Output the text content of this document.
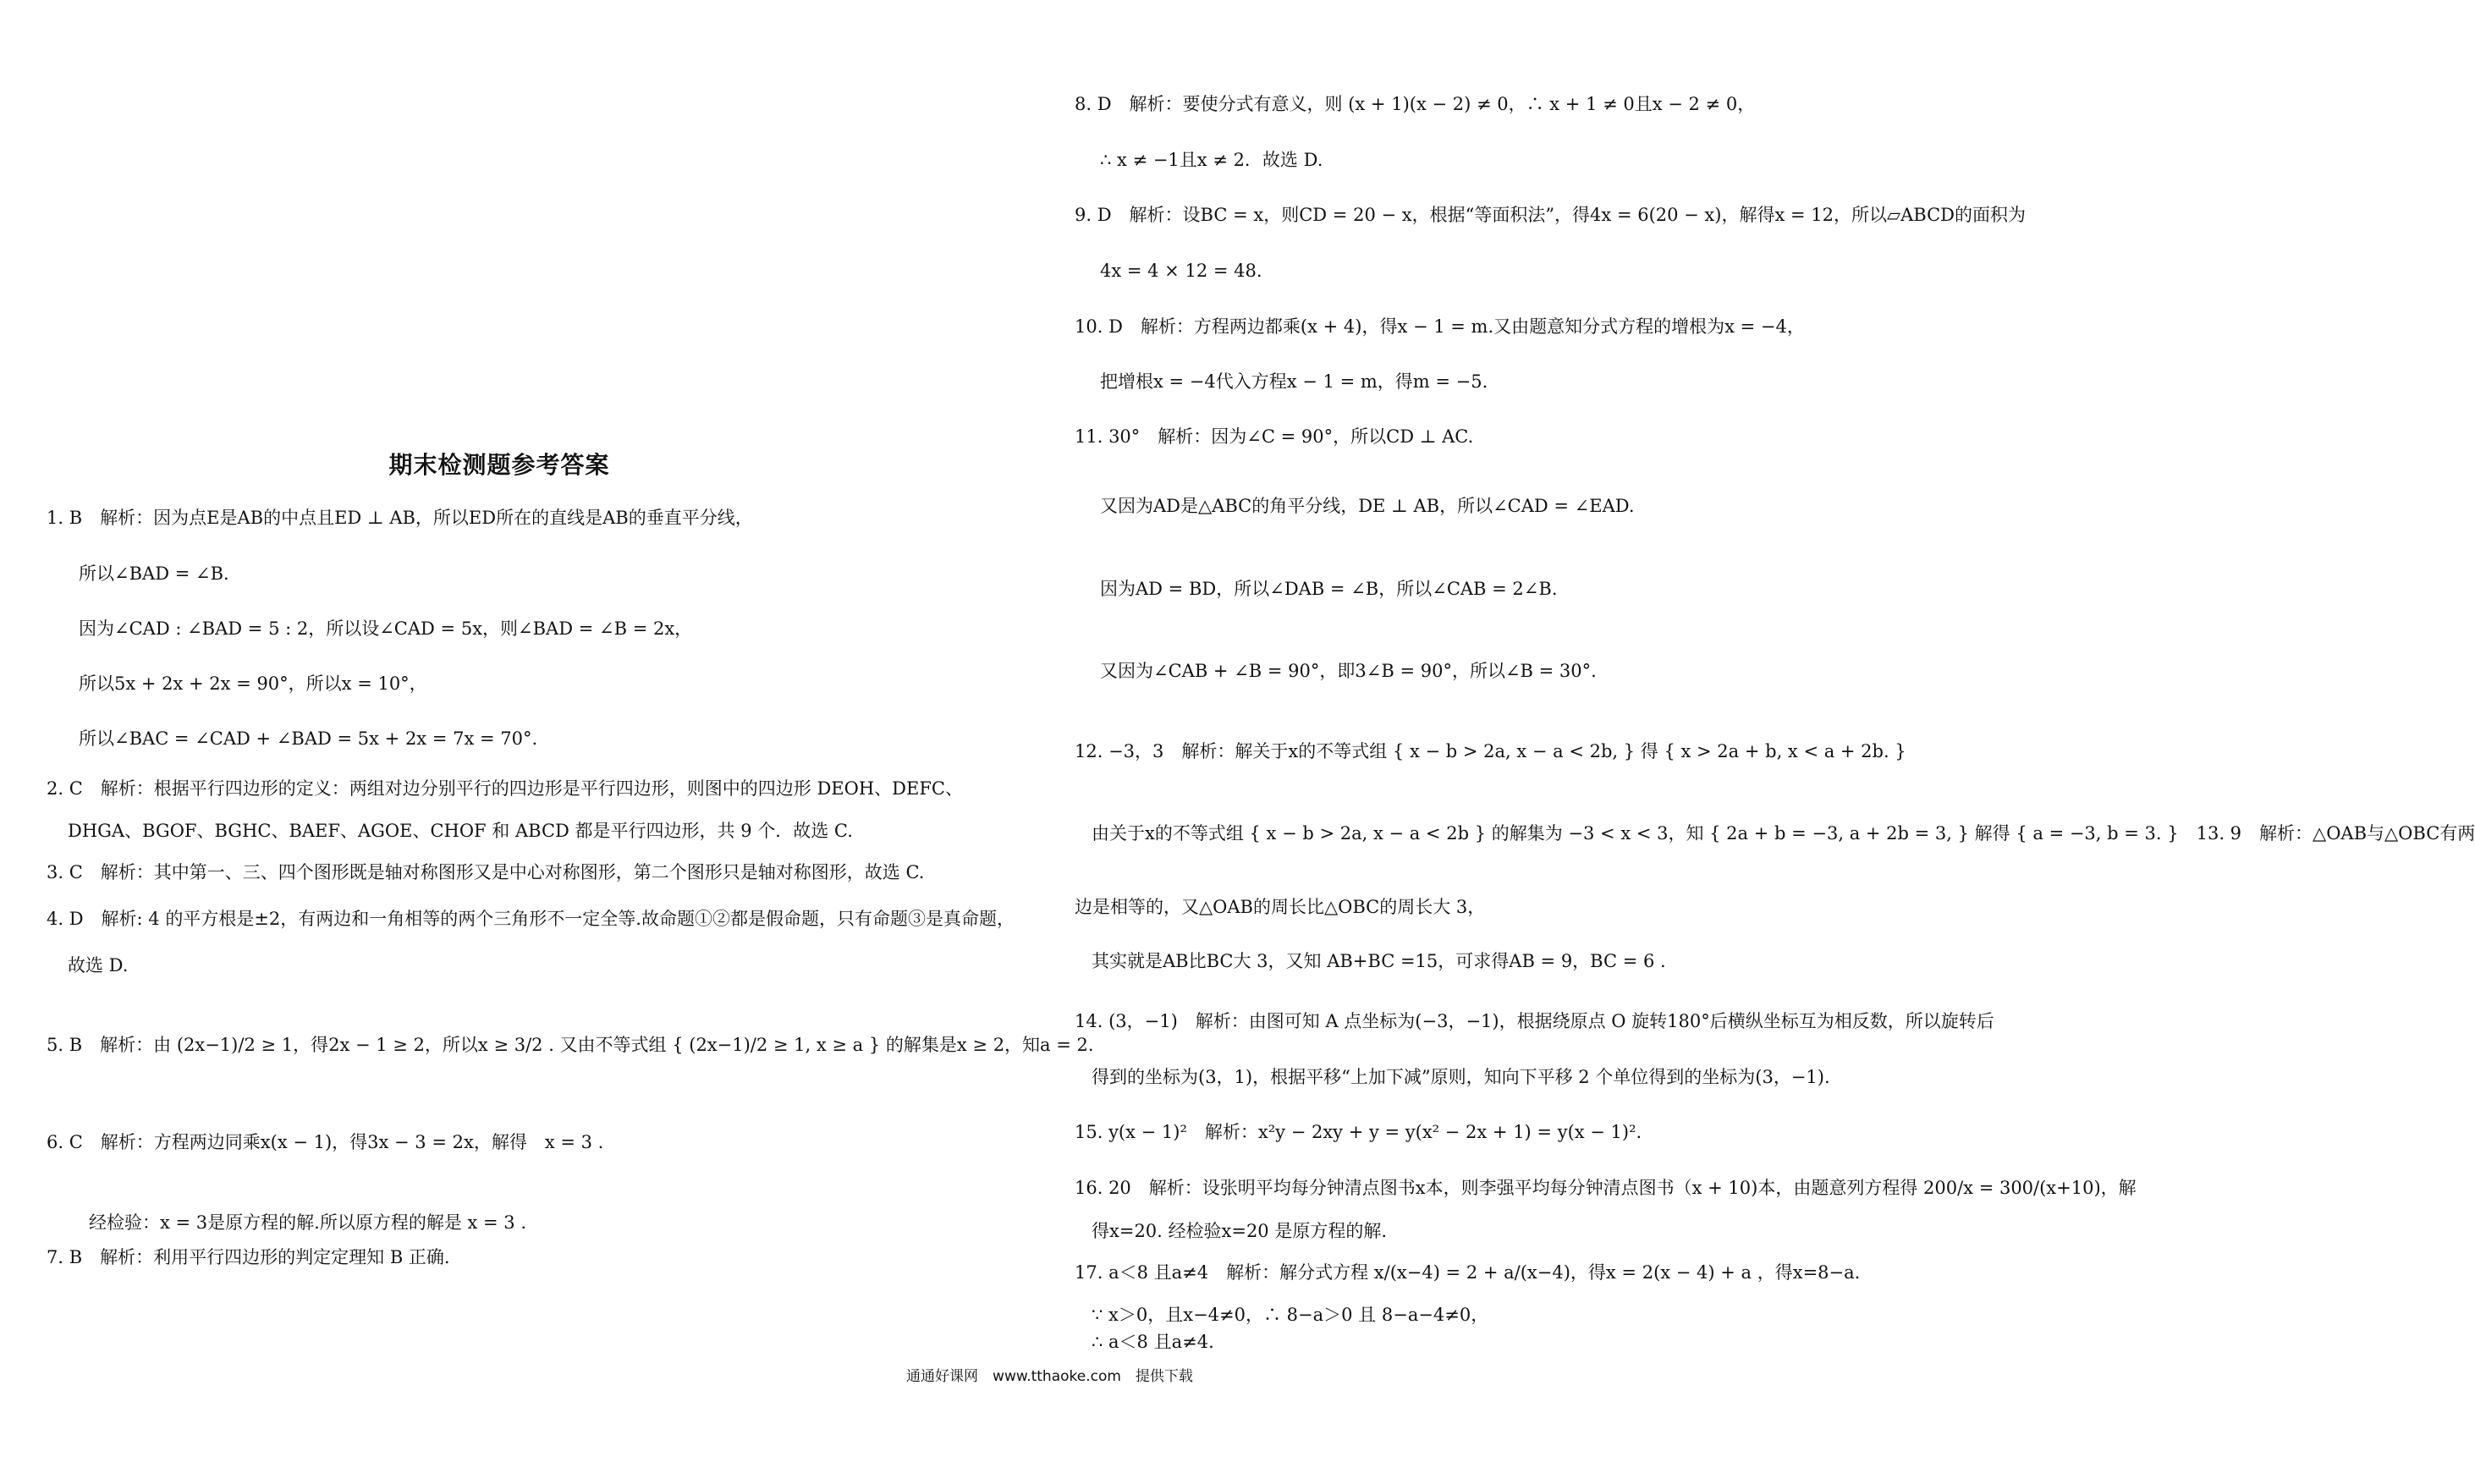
期末检测题参考答案
1. B　解析：因为点E是AB的中点且ED ⊥ AB，所以ED所在的直线是AB的垂直平分线，
所以∠BAD = ∠B.
因为∠CAD : ∠BAD = 5 : 2，所以设∠CAD = 5x，则∠BAD = ∠B = 2x，
所以5x + 2x + 2x = 90°，所以x = 10°，
所以∠BAC = ∠CAD + ∠BAD = 5x + 2x = 7x = 70°.
2. C　解析：根据平行四边形的定义：两组对边分别平行的四边形是平行四边形，则图中的四边形 DEOH、DEFC、
DHGA、BGOF、BGHC、BAEF、AGOE、CHOF 和 ABCD 都是平行四边形，共 9 个．故选 C.
3. C　解析：其中第一、三、四个图形既是轴对称图形又是中心对称图形，第二个图形只是轴对称图形，故选 C.
4. D　解析: 4 的平方根是±2，有两边和一角相等的两个三角形不一定全等.故命题①②都是假命题，只有命题③是真命题，
故选 D.
5. B　解析：由 (2x−1)/2 ≥ 1，得2x − 1 ≥ 2，所以x ≥ 3/2 . 又由不等式组 { (2x−1)/2 ≥ 1, x ≥ a } 的解集是x ≥ 2，知a = 2.
6. C　解析：方程两边同乘x(x − 1)，得3x − 3 = 2x，解得　x = 3 .
经检验：x = 3是原方程的解.所以原方程的解是 x = 3 .
7. B　解析：利用平行四边形的判定定理知 B 正确.
8. D　解析：要使分式有意义，则 (x + 1)(x − 2) ≠ 0，∴ x + 1 ≠ 0且x − 2 ≠ 0，
∴ x ≠ −1且x ≠ 2．故选 D.
9. D　解析：设BC = x，则CD = 20 − x，根据“等面积法”，得4x = 6(20 − x)，解得x = 12，所以▱ABCD的面积为
4x = 4 × 12 = 48.
10. D　解析：方程两边都乘(x + 4)，得x − 1 = m.又由题意知分式方程的增根为x = −4，
把增根x = −4代入方程x − 1 = m，得m = −5.
11. 30°　解析：因为∠C = 90°，所以CD ⊥ AC.
又因为AD是△ABC的角平分线，DE ⊥ AB，所以∠CAD = ∠EAD.
因为AD = BD，所以∠DAB = ∠B，所以∠CAB = 2∠B.
又因为∠CAB + ∠B = 90°，即3∠B = 90°，所以∠B = 30°.
12. −3，3　解析：解关于x的不等式组 { x − b > 2a, x − a < 2b, } 得 { x > 2a + b, x < a + 2b. }
由关于x的不等式组 { x − b > 2a, x − a < 2b } 的解集为 −3 < x < 3，知 { 2a + b = −3, a + 2b = 3, } 解得 { a = −3, b = 3. }　13. 9　解析：△OAB与△OBC有两
边是相等的，又△OAB的周长比△OBC的周长大 3，
其实就是AB比BC大 3，又知 AB+BC =15，可求得AB = 9，BC = 6 .
14. (3，−1)　解析：由图可知 A 点坐标为(−3，−1)，根据绕原点 O 旋转180°后横纵坐标互为相反数，所以旋转后
得到的坐标为(3，1)，根据平移“上加下减”原则，知向下平移 2 个单位得到的坐标为(3，−1).
15. y(x − 1)²　解析：x²y − 2xy + y = y(x² − 2x + 1) = y(x − 1)².
16. 20　解析：设张明平均每分钟清点图书x本，则李强平均每分钟清点图书（x + 10)本，由题意列方程得 200/x = 300/(x+10)，解
得x=20. 经检验x=20 是原方程的解.
17. a＜8 且a≠4　解析：解分式方程 x/(x−4) = 2 + a/(x−4)，得x = 2(x − 4) + a ，得x=8−a.
∵ x＞0，且x−4≠0，∴ 8−a＞0 且 8−a−4≠0，
∴ a＜8 且a≠4.
通通好课网　www.tthaoke.com　提供下载
